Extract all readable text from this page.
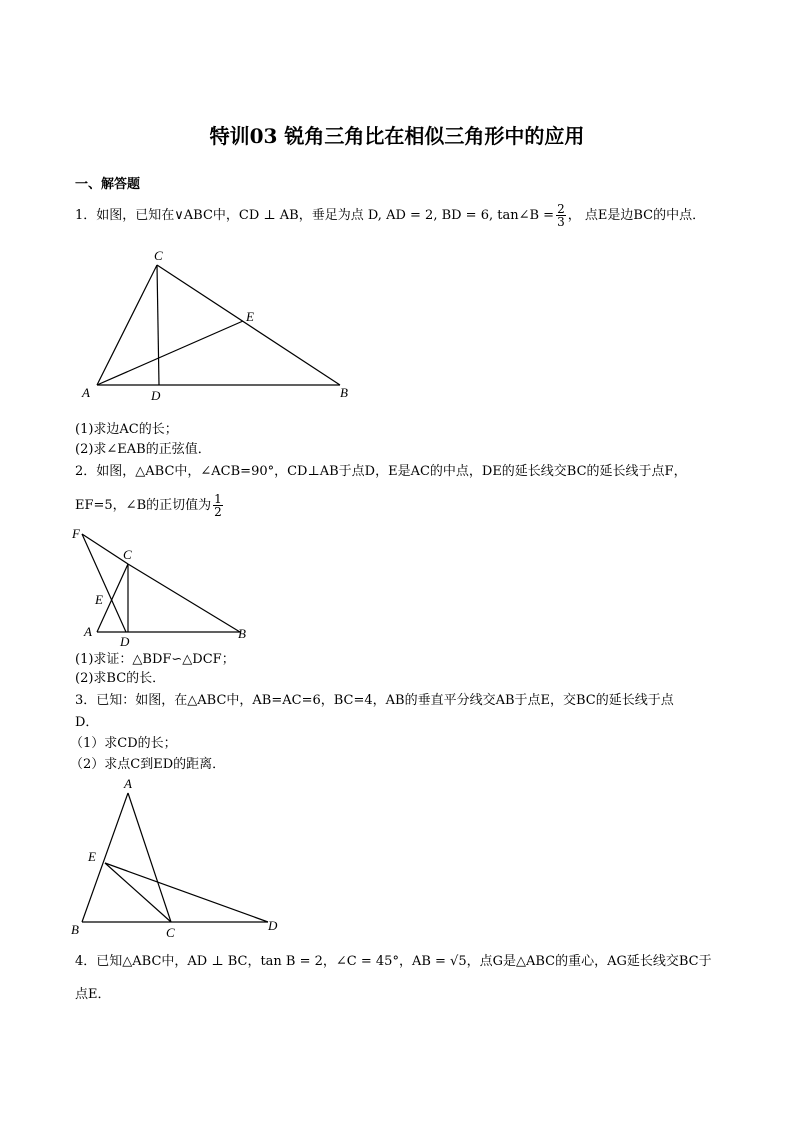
特训03 锐角三角比在相似三角形中的应用
一、解答题
1．如图，已知在∨ABC中，CD ⊥ AB，垂足为点 D, AD = 2, BD = 6, tan∠B = $\frac{2}{3}$ ， 点E是边BC的中点．
C
E
A	D	B
(1)求边AC的长；
(2)求∠EAB的正弦值．
2．如图，△ABC中，∠ACB=90°，CD⊥AB于点D，E是AC的中点，DE的延长线交BC的延长线于点F，
EF=5，∠B的正切值为 $\frac{1}{2}$
F
C
E
A
D
B
(1)求证：△BDF∽△DCF；
(2)求BC的长．
3．已知：如图，在△ABC中，AB=AC=6，BC=4，AB的垂直平分线交AB于点E，交BC的延长线于点
D．
（1）求CD的长；
（2）求点C到ED的距离．
A
E
B	C	D
4．已知△ABC中，AD ⊥ BC，tan B = 2，∠C = 45°，AB = √5，点G是△ABC的重心，AG延长线交BC于
点E．
